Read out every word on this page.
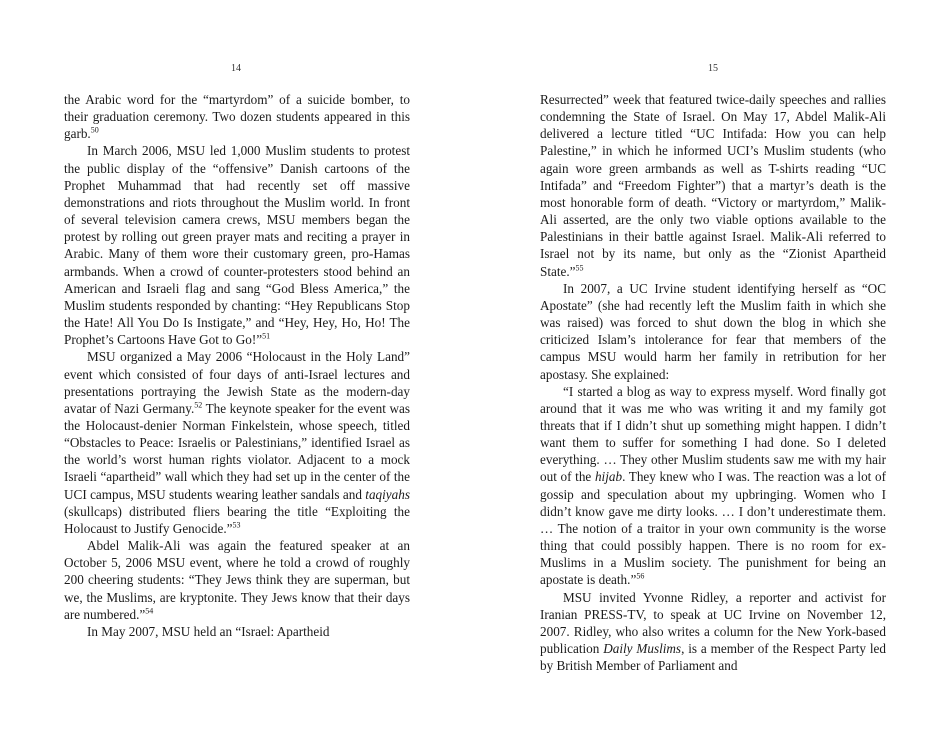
14	15

the Arabic word for the “martyrdom” of a suicide bomber, to their graduation ceremony. Two dozen students appeared in this garb.$^{50}$

In March 2006, MSU led 1,000 Muslim students to protest the public display of the “offensive” Danish cartoons of the Prophet Muhammad that had recently set off massive demonstrations and riots throughout the Muslim world. In front of several television camera crews, MSU members began the protest by rolling out green prayer mats and reciting a prayer in Arabic. Many of them wore their customary green, pro-Hamas armbands. When a crowd of counter-protesters stood behind an American and Israeli flag and sang “God Bless America,” the Muslim students responded by chanting: “Hey Republicans Stop the Hate! All You Do Is Instigate,” and “Hey, Hey, Ho, Ho! The Prophet’s Cartoons Have Got to Go!”$^{51}$

MSU organized a May 2006 “Holocaust in the Holy Land” event which consisted of four days of anti-Israel lectures and presentations portraying the Jewish State as the modern-day avatar of Nazi Germany.$^{52}$ The keynote speaker for the event was the Holocaust-denier Norman Finkelstein, whose speech, titled “Obstacles to Peace: Israelis or Palestinians,” identified Israel as the world’s worst human rights violator. Adjacent to a mock Israeli “apartheid” wall which they had set up in the center of the UCI campus, MSU students wearing leather sandals and taqiyahs (skullcaps) distributed fliers bearing the title “Exploiting the Holocaust to Justify Genocide.”$^{53}$

Abdel Malik-Ali was again the featured speaker at an October 5, 2006 MSU event, where he told a crowd of roughly 200 cheering students: “They Jews think they are superman, but we, the Muslims, are kryptonite. They Jews know that their days are numbered.”$^{54}$

In May 2007, MSU held an “Israel: Apartheid

Resurrected” week that featured twice-daily speeches and rallies condemning the State of Israel. On May 17, Abdel Malik-Ali delivered a lecture titled “UC Intifada: How you can help Palestine,” in which he informed UCI’s Muslim students (who again wore green armbands as well as T-shirts reading “UC Intifada” and “Freedom Fighter”) that a martyr’s death is the most honorable form of death. “Victory or martyrdom,” Malik-Ali asserted, are the only two viable options available to the Palestinians in their battle against Israel. Malik-Ali referred to Israel not by its name, but only as the “Zionist Apartheid State.”$^{55}$

In 2007, a UC Irvine student identifying herself as “OC Apostate” (she had recently left the Muslim faith in which she was raised) was forced to shut down the blog in which she criticized Islam’s intolerance for fear that members of the campus MSU would harm her family in retribution for her apostasy. She explained:

“I started a blog as way to express myself. Word finally got around that it was me who was writing it and my family got threats that if I didn’t shut up something might happen. I didn’t want them to suffer for something I had done. So I deleted everything. … They other Muslim students saw me with my hair out of the hijab. They knew who I was. The reaction was a lot of gossip and speculation about my upbringing. Women who I didn’t know gave me dirty looks. … I don’t underestimate them. … The notion of a traitor in your own community is the worse thing that could possibly happen. There is no room for ex-Muslims in a Muslim society. The punishment for being an apostate is death.”$^{56}$

MSU invited Yvonne Ridley, a reporter and activist for Iranian PRESS-TV, to speak at UC Irvine on November 12, 2007. Ridley, who also writes a column for the New York-based publication Daily Muslims, is a member of the Respect Party led by British Member of Parliament and
